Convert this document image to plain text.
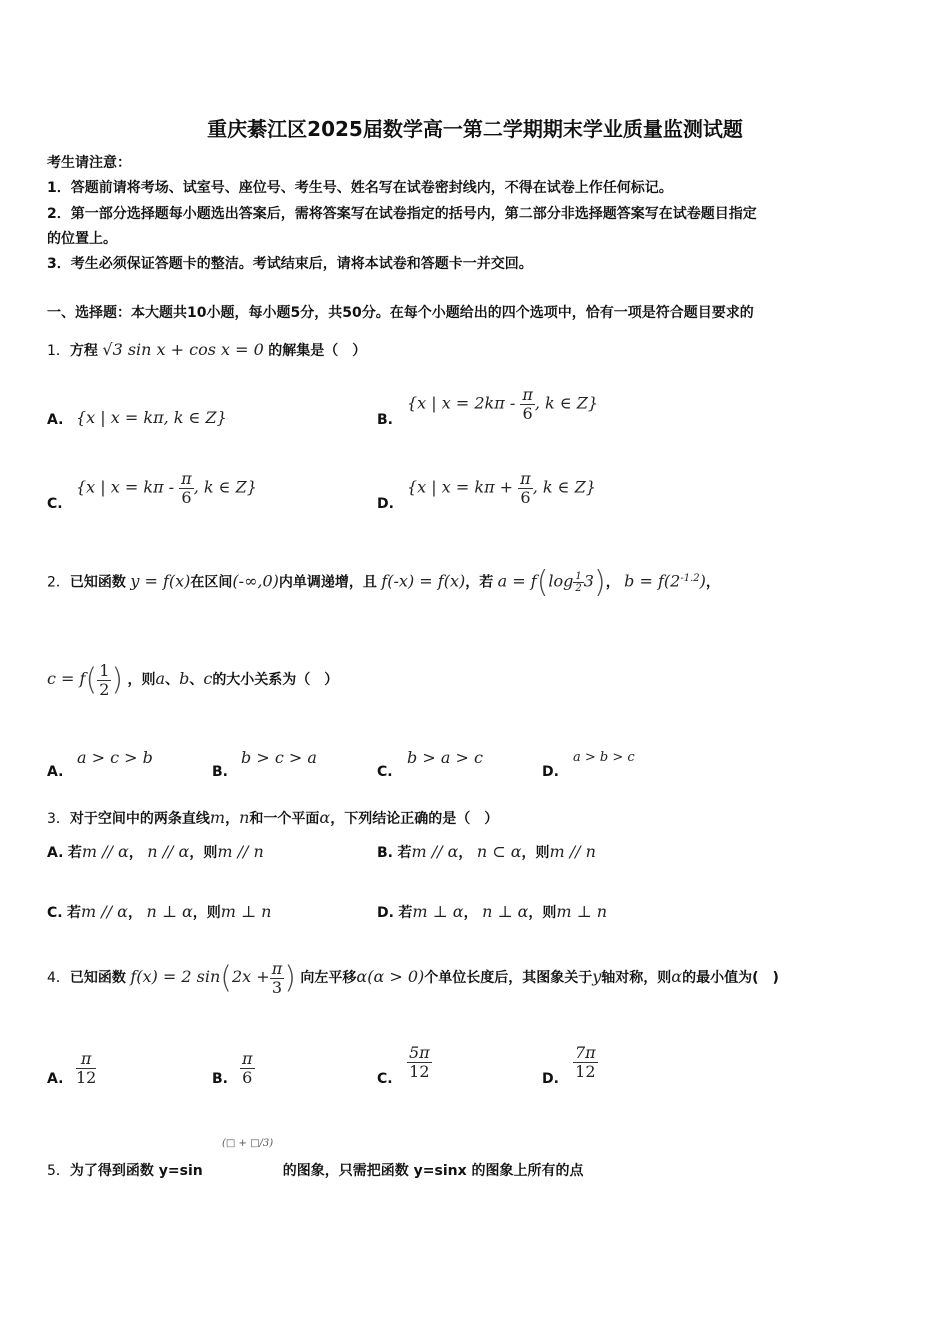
重庆綦江区2025届数学高一第二学期期末学业质量监测试题
考生请注意：
1．答题前请将考场、试室号、座位号、考生号、姓名写在试卷密封线内，不得在试卷上作任何标记。
2．第一部分选择题每小题选出答案后，需将答案写在试卷指定的括号内，第二部分非选择题答案写在试卷题目指定
的位置上。
3．考生必须保证答题卡的整洁。考试结束后，请将本试卷和答题卡一并交回。
一、选择题：本大题共10小题，每小题5分，共50分。在每个小题给出的四个选项中，恰有一项是符合题目要求的
1．方程 √3 sin x + cos x = 0 的解集是（　）
A. {x | x = kπ, k ∈ Z}	B.
{x | $x = 2k\pi - \frac{\pi}{6}$ , k ∈ Z}
C.
{x | $x = k\pi - \frac{\pi}{6}$ , k ∈ Z}
D.
{x | $x = k\pi + \frac{\pi}{6}$ , k ∈ Z}
2．已知函数 y = f(x)在区间(-∞,0)内单调递增，且 f(-x) = f(x)，若 $a = f(\log \frac{1}{2} 3)$， $b = f(2^{-1.2})$，
$c = f( \frac{1}{2}$ ) ，则a、b、c的大小关系为（　）
A.
a > c > b
B.
b > c > a
C.
b > a > c
D.
a > b > c
3．对于空间中的两条直线m，n和一个平面α，下列结论正确的是（　）
A. 若m // α， n // α，则m // n	B. 若m // α， n ⊂ α，则m // n
C. 若m // α， n ⊥ α，则m ⊥ n	D. 若m ⊥ α， n ⊥ α，则m ⊥ n
4．已知函数 f(x) = 2 $\sin(2x + \frac{\pi}{3}$ ) 向左平移α(α > 0)个单位长度后，其图象关于y轴对称，则α的最小值为(　)
A. $\frac{\pi}{12}$	B. $\frac{\pi}{6}$	C. $\frac{5\pi}{12}$	D. $\frac{7\pi}{12}$
(□ + □/3)
5．为了得到函数 y=sin	的图象，只需把函数 y=sinx 的图象上所有的点
